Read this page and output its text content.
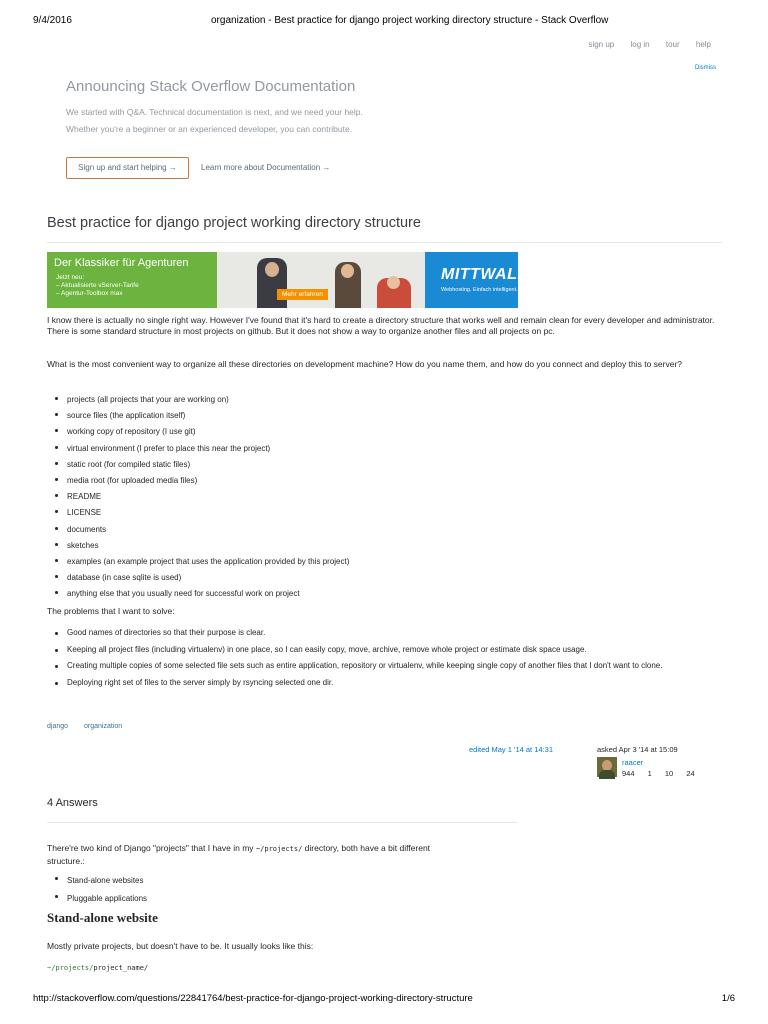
9/4/2016	organization - Best practice for django project working directory structure - Stack Overflow
sign up log in tour help
Dismiss
Announcing Stack Overflow Documentation

We started with Q&A. Technical documentation is next, and we need your help.

Whether you're a beginner or an experienced developer, you can contribute.

Sign up and start helping →	Learn more about Documentation →
Best practice for django project working directory structure
Der Klassiker für Agenturen
Jetzt neu:
– Aktualisierte vServer-Tarife
– Agentur-Toolbox max	Mehr erfahren
MITTWALD
Webhosting. Einfach intelligent.
I know there is actually no single right way. However I've found that it's hard to create a directory structure that works well and remain clean for every developer and administrator. There is some standard structure in most projects on github. But it does not show a way to organize another files and all projects on pc.
What is the most convenient way to organize all these directories on development machine? How do you name them, and how do you connect and deploy this to server?
projects (all projects that your are working on)
source files (the application itself)
working copy of repository (I use git)
virtual environment (I prefer to place this near the project)
static root (for compiled static files)
media root (for uploaded media files)
README
LICENSE
documents
sketches
examples (an example project that uses the application provided by this project)
database (in case sqlite is used)
anything else that you usually need for successful work on project
The problems that I want to solve:
Good names of directories so that their purpose is clear.
Keeping all project files (including virtualenv) in one place, so I can easily copy, move, archive, remove whole project or estimate disk space usage.
Creating multiple copies of some selected file sets such as entire application, repository or virtualenv, while keeping single copy of another files that I don't want to clone.
Deploying right set of files to the server simply by rsyncing selected one dir.
django organization
edited May 1 '14 at 14:31	asked Apr 3 '14 at 15:09
raacer
944 1 10 24
4 Answers
There're two kind of Django "projects" that I have in my ~/projects/ directory, both have a bit different structure.:
Stand-alone websites
Pluggable applications
Stand-alone website
Mostly private projects, but doesn't have to be. It usually looks like this:
~/projects/project_name/
http://stackoverflow.com/questions/22841764/best-practice-for-django-project-working-directory-structure	1/6
